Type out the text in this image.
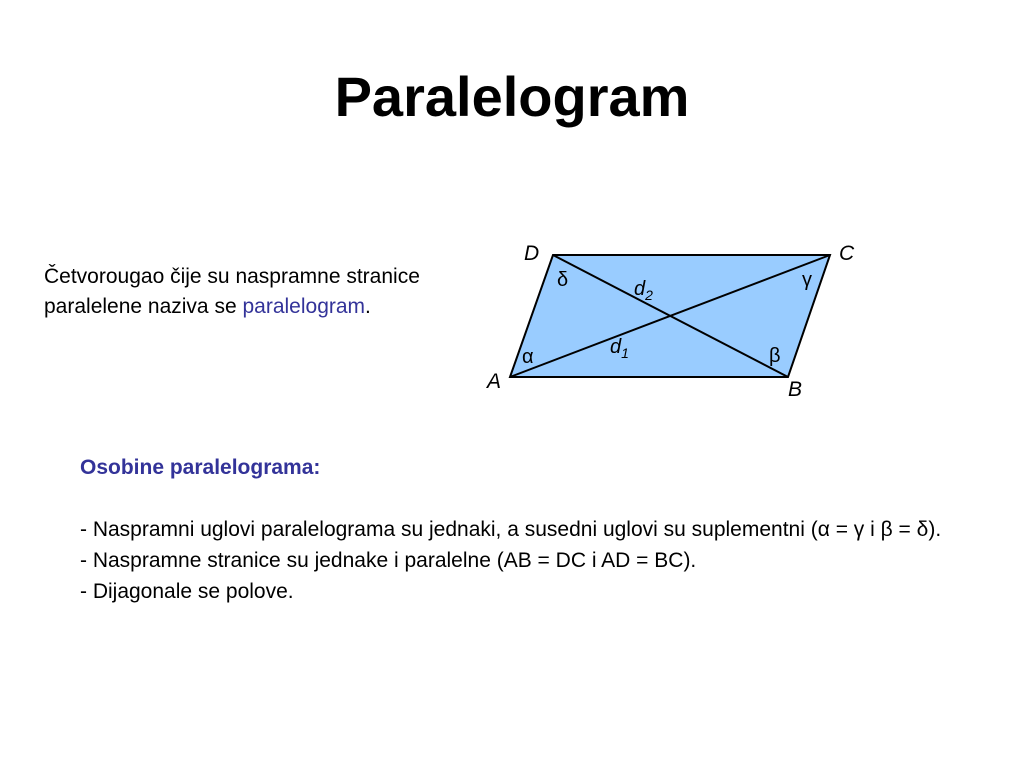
Paralelogram
Četvorougao čije su naspramne stranice paralelene naziva se paralelogram.
D	C
A	B
δ	γ
α	β
$d_2$
$d_1$
Osobine paralelograma:

- Naspramni uglovi paralelograma su jednaki, a susedni uglovi su suplementni (α = γ i β = δ).

- Naspramne stranice su jednake i paralelne (AB = DC i AD = BC).

- Dijagonale se polove.
